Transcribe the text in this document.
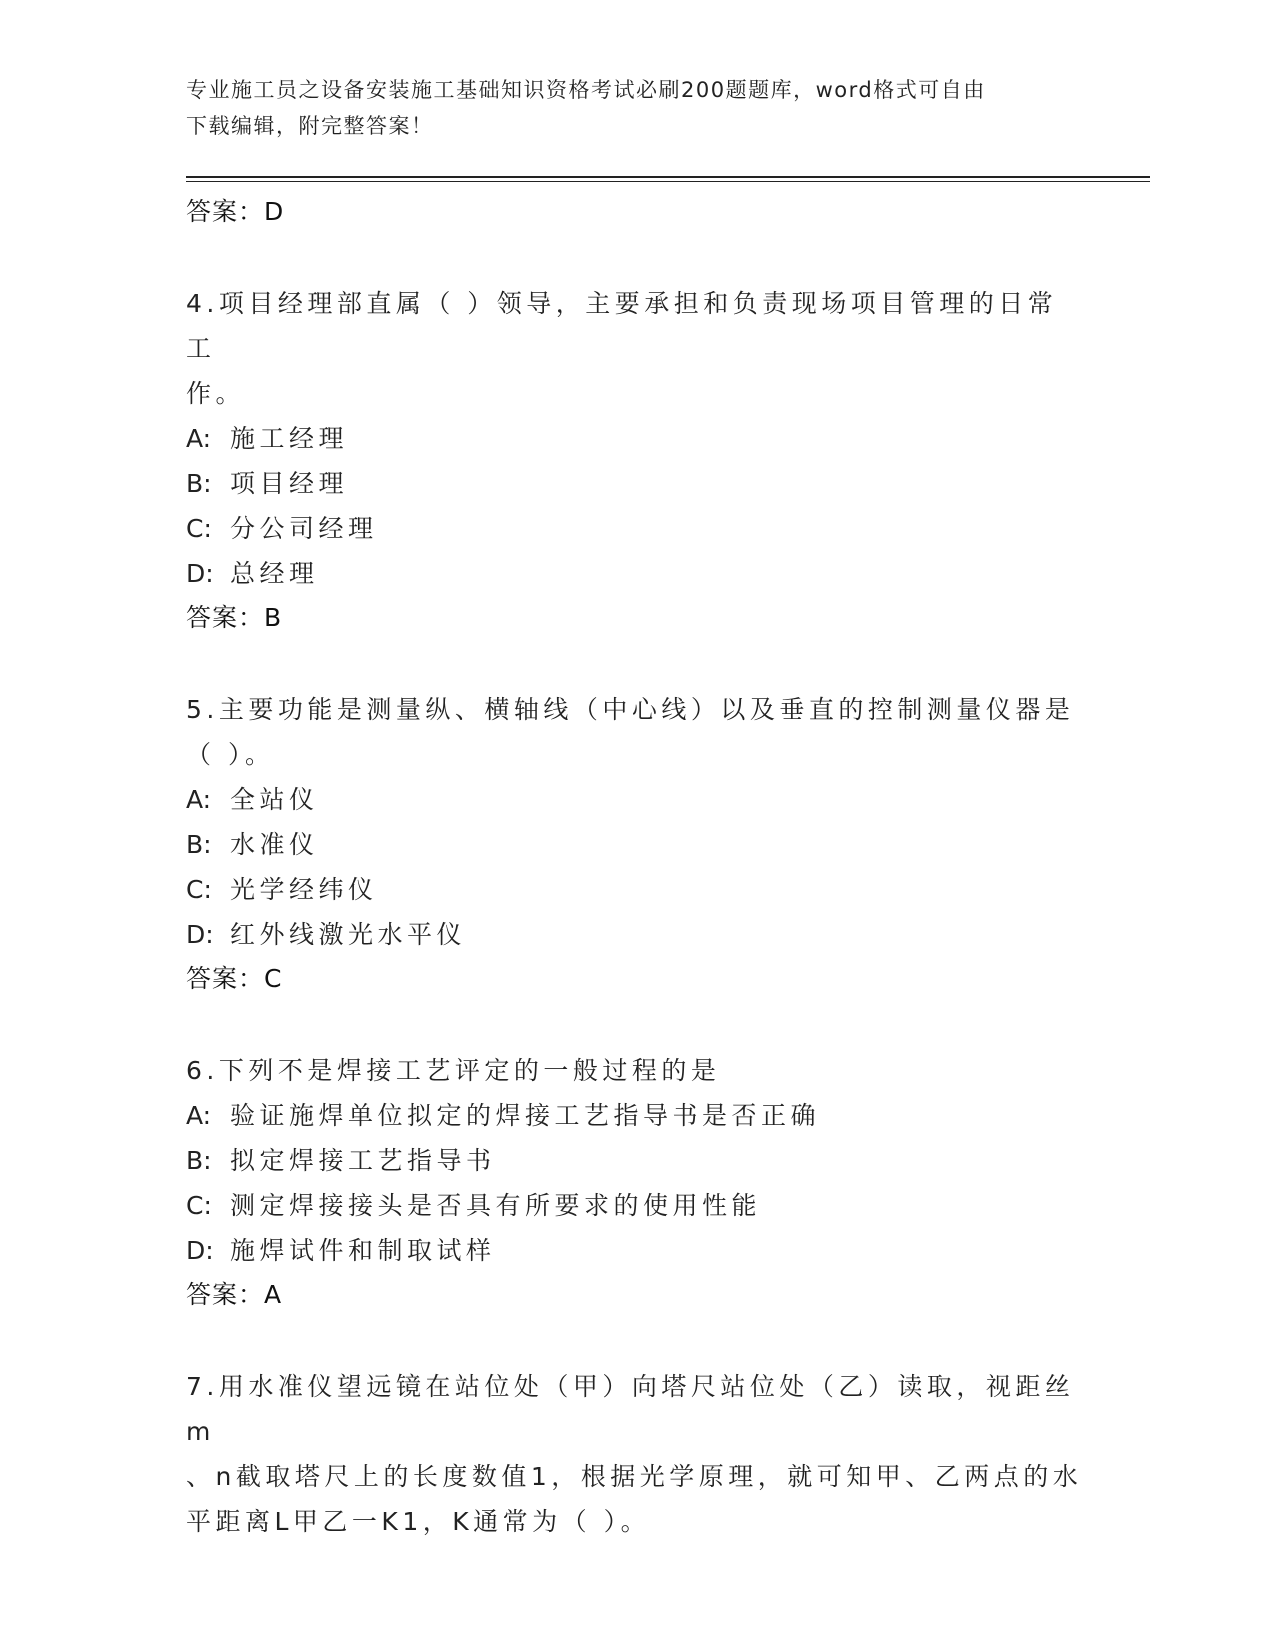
专业施工员之设备安装施工基础知识资格考试必刷200题题库，word格式可自由
下载编辑，附完整答案！
答案：D
4.项目经理部直属（ ）领导，主要承担和负责现场项目管理的日常工
作。
A: 施工经理
B: 项目经理
C: 分公司经理
D: 总经理
答案：B
5.主要功能是测量纵、横轴线（中心线）以及垂直的控制测量仪器是
（ ）。
A: 全站仪
B: 水准仪
C: 光学经纬仪
D: 红外线激光水平仪
答案：C
6.下列不是焊接工艺评定的一般过程的是
A: 验证施焊单位拟定的焊接工艺指导书是否正确
B: 拟定焊接工艺指导书
C: 测定焊接接头是否具有所要求的使用性能
D: 施焊试件和制取试样
答案：A
7.用水准仪望远镜在站位处（甲）向塔尺站位处（乙）读取，视距丝m
、n截取塔尺上的长度数值1，根据光学原理，就可知甲、乙两点的水
平距离L甲乙一K1，K通常为（ ）。
